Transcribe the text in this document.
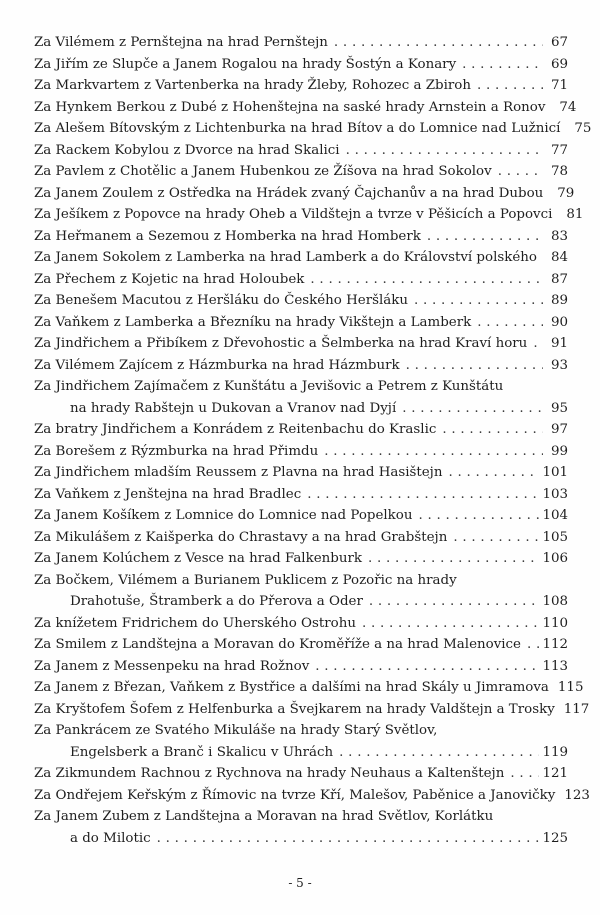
Za Vilémem z Pernštejna na hrad Pernštejn . . .	67
Za Jiřím ze Slupče a Janem Rogalou na hrady Šostýn a Konary . . .	69
Za Markvartem z Vartenberka na hrady Žleby, Rohozec a Zbiroh . . .	71
Za Hynkem Berkou z Dubé z Hohenštejna na saské hrady Arnstein a Ronov	74
Za Alešem Bítovským z Lichtenburka na hrad Bítov a do Lomnice nad Lužnicí	75
Za Rackem Kobylou z Dvorce na hrad Skalici . . .	77
Za Pavlem z Chotělic a Janem Hubenkou ze Žíšova na hrad Sokolov . . .	78
Za Janem Zoulem z Ostředka na Hrádek zvaný Čajchanův a na hrad Dubou	79
Za Ješíkem z Popovce na hrady Oheb a Vildštejn a tvrze v Pěšicích a Popovci	81
Za Heřmanem a Sezemou z Homberka na hrad Homberk . . .	83
Za Janem Sokolem z Lamberka na hrad Lamberk a do Království polského . . .	84
Za Přechem z Kojetic na hrad Holoubek . . .	87
Za Benešem Macutou z Heršláku do Českého Heršláku . . .	89
Za Vaňkem z Lamberka a Březníku na hrady Vikštejn a Lamberk . . .	90
Za Jindřichem a Přibíkem z Dřevohostic a Šelmberka na hrad Kraví horu . . .	91
Za Vilémem Zajícem z Házmburka na hrad Házmburk . . .	93
Za Jindřichem Zajímačem z Kunštátu a Jevišovic a Petrem z Kunštátu
na hrady Rabštejn u Dukovan a Vranov nad Dyjí . . .	95
Za bratry Jindřichem a Konrádem z Reitenbachu do Kraslic . . .	97
Za Borešem z Rýzmburka na hrad Přimdu . . .	99
Za Jindřichem mladším Reussem z Plavna na hrad Hasištejn . . .	101
Za Vaňkem z Jenštejna na hrad Bradlec . . .	103
Za Janem Košíkem z Lomnice do Lomnice nad Popelkou . . .	104
Za Mikulášem z Kaišperka do Chrastavy a na hrad Grabštejn . . .	105
Za Janem Kolúchem z Vesce na hrad Falkenburk . . .	106
Za Bočkem, Vilémem a Burianem Puklicem z Pozořic na hrady
Drahotuše, Štramberk a do Přerova a Oder . . .	108
Za knížetem Fridrichem do Uherského Ostrohu . . .	110
Za Smilem z Landštejna a Moravan do Kroměříže a na hrad Malenovice . . . 112
Za Janem z Messenpeku na hrad Rožnov . . .	113
Za Janem z Březan, Vaňkem z Bystřice a dalšími na hrad Skály u Jimramova 115
Za Kryštofem Šofem z Helfenburka a Švejkarem na hrady Valdštejn a Trosky 117
Za Pankrácem ze Svatého Mikuláše na hrady Starý Světlov,
Engelsberk a Branč i Skalicu v Uhrách . . .	119
Za Zikmundem Rachnou z Rychnova na hrady Neuhaus a Kaltenštejn . . .	121
Za Ondřejem Keřským z Římovic na tvrze Kří, Malešov, Paběnice a Janovičky 123
Za Janem Zubem z Landštejna a Moravan na hrad Světlov, Korlátku
a do Milotic . . .	125
- 5 -
